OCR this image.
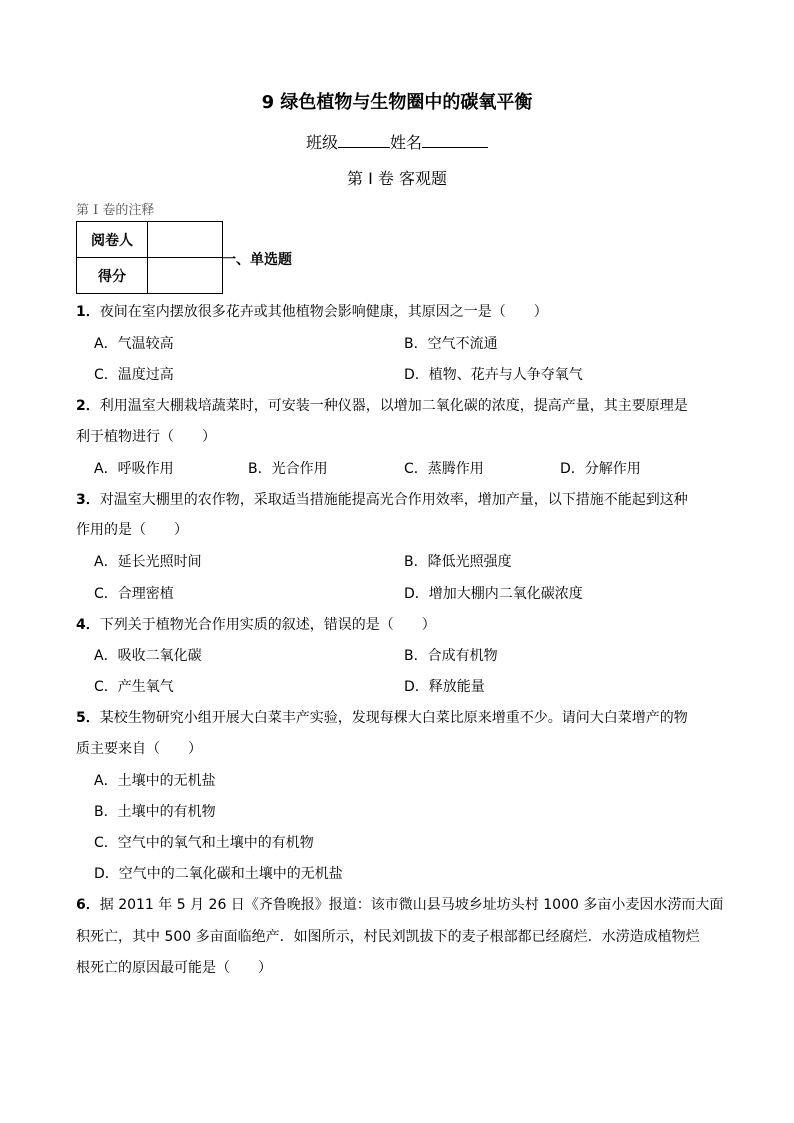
9 绿色植物与生物圈中的碳氧平衡
班级	姓名
第 I 卷 客观题
第 I 卷的注释
阅卷人	
得分	
一、单选题
1．夜间在室内摆放很多花卉或其他植物会影响健康，其原因之一是（　　）
A．气温较高	B．空气不流通
C．温度过高	D．植物、花卉与人争夺氧气
2．利用温室大棚栽培蔬菜时，可安装一种仪器，以增加二氧化碳的浓度，提高产量，其主要原理是
利于植物进行（　　）
A．呼吸作用	B．光合作用	C．蒸腾作用	D．分解作用
3．对温室大棚里的农作物，采取适当措施能提高光合作用效率，增加产量，以下措施不能起到这种
作用的是（　　）
A．延长光照时间	B．降低光照强度
C．合理密植	D．增加大棚内二氧化碳浓度
4．下列关于植物光合作用实质的叙述，错误的是（　　）
A．吸收二氧化碳	B．合成有机物
C．产生氧气	D．释放能量
5．某校生物研究小组开展大白菜丰产实验，发现每棵大白菜比原来增重不少。请问大白菜增产的物
质主要来自（　　）
A．土壤中的无机盐
B．土壤中的有机物
C．空气中的氧气和土壤中的有机物
D．空气中的二氧化碳和土壤中的无机盐
6．据 2011 年 5 月 26 日《齐鲁晚报》报道：该市微山县马坡乡址坊头村 1000 多亩小麦因水涝而大面
积死亡，其中 500 多亩面临绝产．如图所示，村民刘凯拔下的麦子根部都已经腐烂．水涝造成植物烂
根死亡的原因最可能是（　　）
